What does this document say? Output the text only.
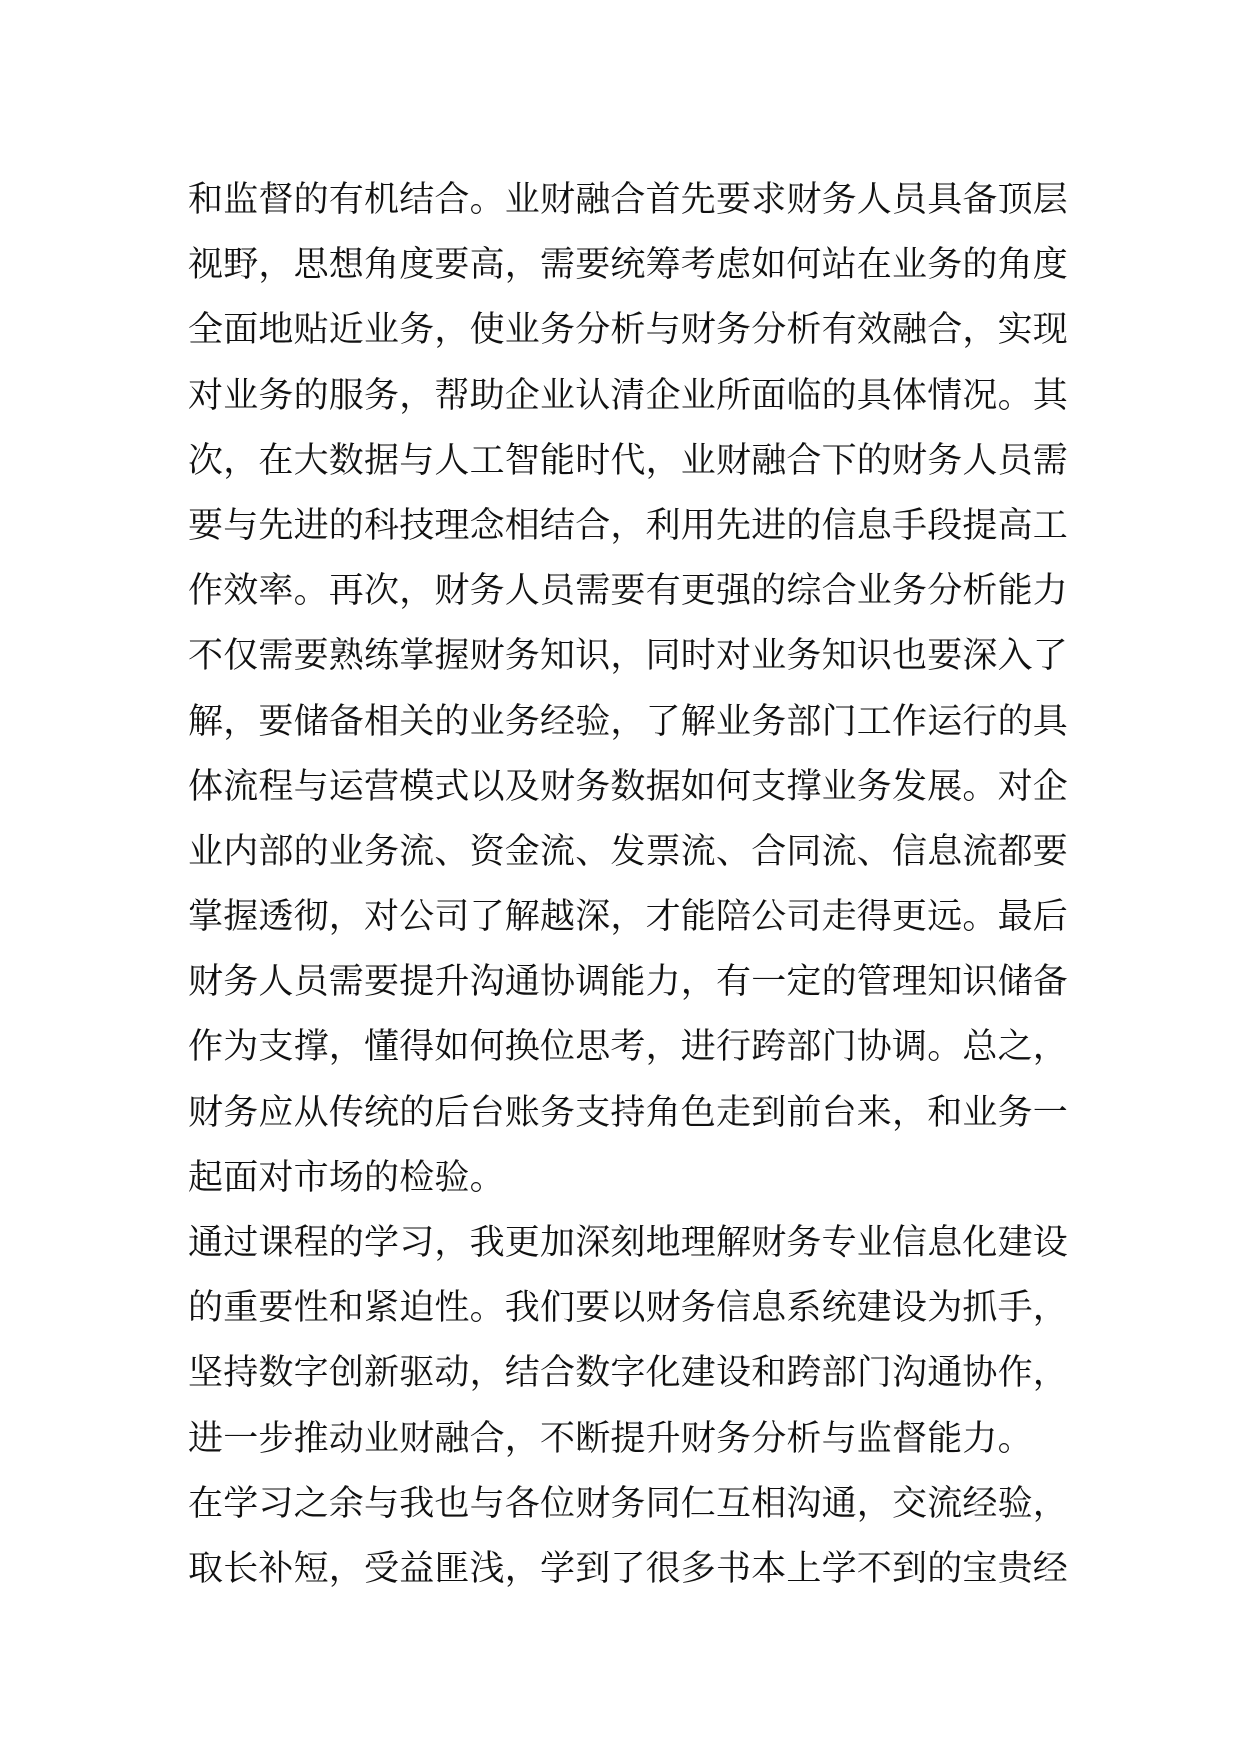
和监督的有机结合。业财融合首先要求财务人员具备顶层
视野，思想角度要高，需要统筹考虑如何站在业务的角度
全面地贴近业务，使业务分析与财务分析有效融合，实现
对业务的服务，帮助企业认清企业所面临的具体情况。其
次，在大数据与人工智能时代，业财融合下的财务人员需
要与先进的科技理念相结合，利用先进的信息手段提高工
作效率。再次，财务人员需要有更强的综合业务分析能力
不仅需要熟练掌握财务知识，同时对业务知识也要深入了
解，要储备相关的业务经验，了解业务部门工作运行的具
体流程与运营模式以及财务数据如何支撑业务发展。对企
业内部的业务流、资金流、发票流、合同流、信息流都要
掌握透彻，对公司了解越深，才能陪公司走得更远。最后
财务人员需要提升沟通协调能力，有一定的管理知识储备
作为支撑，懂得如何换位思考，进行跨部门协调。总之，
财务应从传统的后台账务支持角色走到前台来，和业务一
起面对市场的检验。
通过课程的学习，我更加深刻地理解财务专业信息化建设
的重要性和紧迫性。我们要以财务信息系统建设为抓手，
坚持数字创新驱动，结合数字化建设和跨部门沟通协作，
进一步推动业财融合，不断提升财务分析与监督能力。
在学习之余与我也与各位财务同仁互相沟通，交流经验，
取长补短，受益匪浅，学到了很多书本上学不到的宝贵经
